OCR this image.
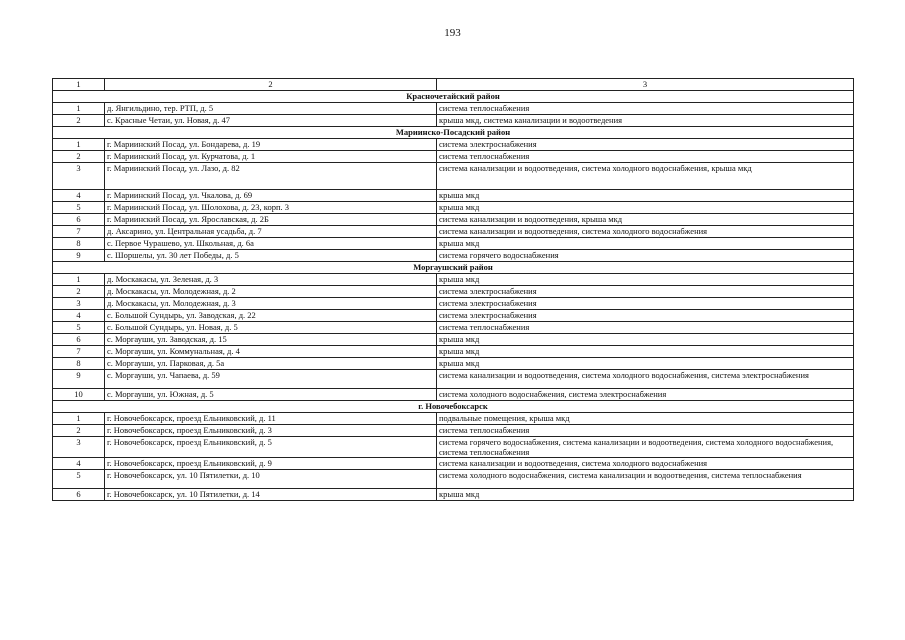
193
1	2	3
Красночетайский район		
1	д. Янгильдино, тер. РТП, д. 5	система теплоснабжения
2	с. Красные Четаи, ул. Новая, д. 47	крыша мкд, система канализации и водоотведения
Мариинско-Посадский район		
1	г. Мариинский Посад, ул. Бондарева, д. 19	система электроснабжения
2	г. Мариинский Посад, ул. Курчатова, д. 1	система теплоснабжения
3	г. Мариинский Посад, ул. Лазо, д. 82	система канализации и водоотведения, система холодного водоснабжения, крыша мкд
4	г. Мариинский Посад, ул. Чкалова, д. 69	крыша мкд
5	г. Мариинский Посад, ул. Шолохова, д. 23, корп. 3	крыша мкд
6	г. Мариинский Посад, ул. Ярославская, д. 2Б	система канализации и водоотведения, крыша мкд
7	д. Аксарино, ул. Центральная усадьба, д. 7	система канализации и водоотведения, система холодного водоснабжения
8	с. Первое Чурашево, ул. Школьная, д. 6а	крыша мкд
9	с. Шоршелы, ул. 30 лет Победы, д. 5	система горячего водоснабжения
Моргаушский район		
1	д. Москакасы, ул. Зеленая, д. 3	крыша мкд
2	д. Москакасы, ул. Молодежная, д. 2	система электроснабжения
3	д. Москакасы, ул. Молодежная, д. 3	система электроснабжения
4	с. Большой Сундырь, ул. Заводская, д. 22	система электроснабжения
5	с. Большой Сундырь, ул. Новая, д. 5	система теплоснабжения
6	с. Моргауши, ул. Заводская, д. 15	крыша мкд
7	с. Моргауши, ул. Коммунальная, д. 4	крыша мкд
8	с. Моргауши, ул. Парковая, д. 5а	крыша мкд
9	с. Моргауши, ул. Чапаева, д. 59	система канализации и водоотведения, система холодного водоснабжения, система электроснабжения
10	с. Моргауши, ул. Южная, д. 5	система холодного водоснабжения, система электроснабжения
г. Новочебоксарск		
1	г. Новочебоксарск, проезд Ельниковский, д. 11	подвальные помещения, крыша мкд
2	г. Новочебоксарск, проезд Ельниковский, д. 3	система теплоснабжения
3	г. Новочебоксарск, проезд Ельниковский, д. 5	система горячего водоснабжения, система канализации и водоотведения, система холодного водоснабжения, система теплоснабжения
4	г. Новочебоксарск, проезд Ельниковский, д. 9	система канализации и водоотведения, система холодного водоснабжения
5	г. Новочебоксарск, ул. 10 Пятилетки, д. 10	система холодного водоснабжения, система канализации и водоотведения, система теплоснабжения
6	г. Новочебоксарск, ул. 10 Пятилетки, д. 14	крыша мкд
